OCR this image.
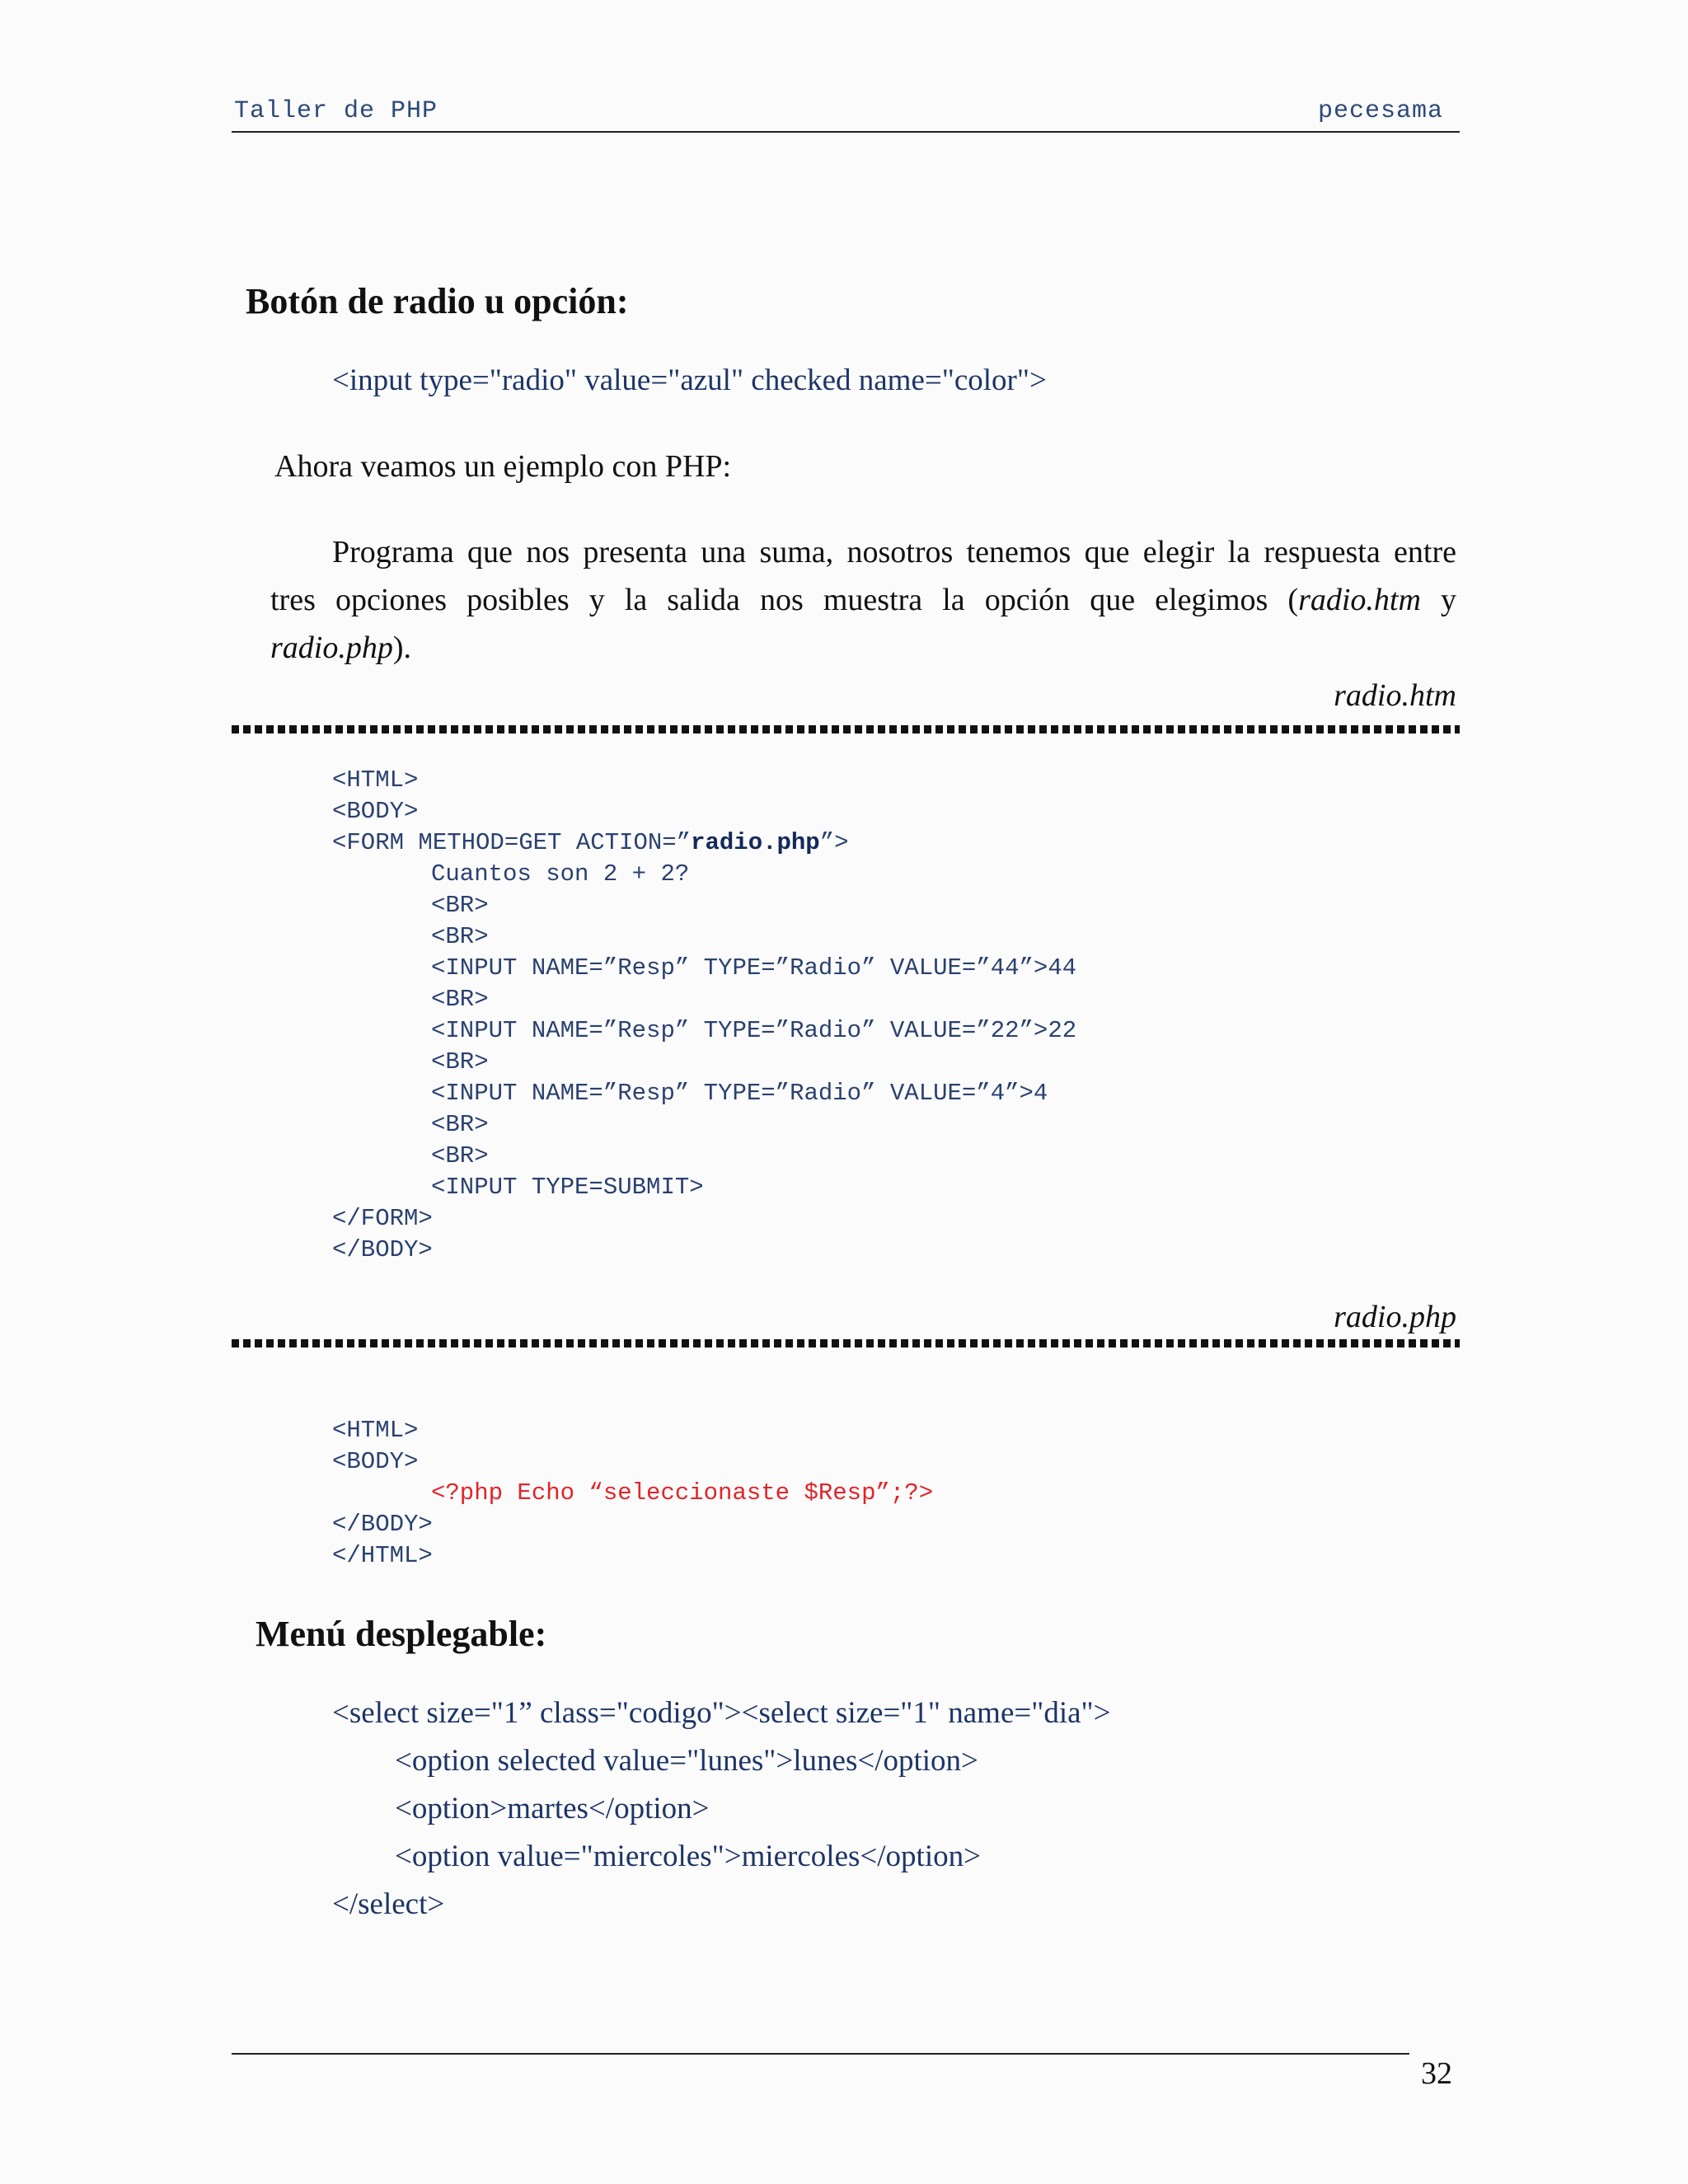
Taller de PHP	pecesama
Botón de radio u opción:
<input type="radio" value="azul" checked name="color">
Ahora veamos un ejemplo con PHP:
Programa que nos presenta una suma, nosotros tenemos que elegir la respuesta entre
tres opciones posibles y la salida nos muestra la opción que elegimos (radio.htm y
radio.php).
radio.htm
<HTML>
<BODY>
<FORM METHOD=GET ACTION=”radio.php”>
Cuantos son 2 + 2?
<BR>
<BR>
<INPUT NAME=”Resp” TYPE=”Radio” VALUE=”44”>44
<BR>
<INPUT NAME=”Resp” TYPE=”Radio” VALUE=”22”>22
<BR>
<INPUT NAME=”Resp” TYPE=”Radio” VALUE=”4”>4
<BR>
<BR>
<INPUT TYPE=SUBMIT>
</FORM>
</BODY>
radio.php
<HTML>
<BODY>
<?php Echo “seleccionaste $Resp”;?>
</BODY>
</HTML>
Menú desplegable:
<select size="1” class="codigo"><select size="1" name="dia">
<option selected value="lunes">lunes</option>
<option>martes</option>
<option value="miercoles">miercoles</option>
</select>
32
